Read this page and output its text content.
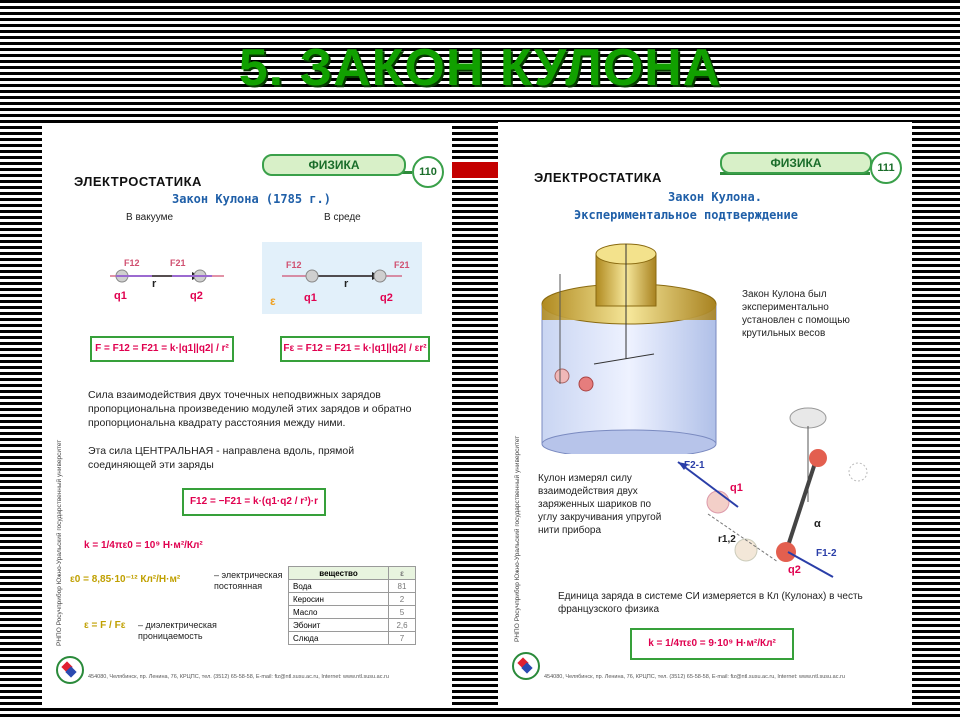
5. ЗАКОН КУЛОНА
ФИЗИКА	110
ЭЛЕКТРОСТАТИКА
Закон Кулона (1785 г.)
В вакууме	В среде
F12	F21
r
q1	q2
F12	F21
r
q1	q2
ε
F = F12 = F21 = k·|q1||q2| / r²	Fε = F12 = F21 = k·|q1||q2| / εr²
Сила взаимодействия двух точечных неподвижных зарядов пропорциональна произведению модулей этих зарядов и обратно пропорциональна квадрату расстояния между ними.
Эта сила ЦЕНТРАЛЬНАЯ - направлена вдоль, прямой соединяющей эти заряды
F12 = −F21 = k·(q1·q2 / r³)·r
k = 1/4πε0 = 10⁹ Н·м²/Кл²
ε0 = 8,85·10⁻¹² Кл²/Н·м²	– электрическая постоянная
ε = F / Fε – диэлектрическая проницаемость
вещество	ε
Вода	81
Керосин	2
Масло	5
Эбонит	2,6
Слюда	7
РНПО Росучприбор Южно-Уральский государственный университет
454080, Челябинск, пр. Ленина, 76, КРЦПС, тел. (3512) 65-58-58, E-mail: fiz@ntl.susu.ac.ru, Internet: www.ntl.susu.ac.ru
ФИЗИКА	111
ЭЛЕКТРОСТАТИКА
Закон Кулона.
Экспериментальное подтверждение
Закон Кулона был экспериментально установлен с помощью крутильных весов
F2-1
q1
α
r1,2
F1-2
q2
Кулон измерял силу взаимодействия двух заряженных шариков по углу закручивания упругой нити прибора
Единица заряда в системе СИ измеряется в Кл (Кулонах) в честь французского физика
k = 1/4πε0 = 9·10⁹ Н·м²/Кл²
РНПО Росучприбор Южно-Уральский государственный университет
454080, Челябинск, пр. Ленина, 76, КРЦПС, тел. (3512) 65-58-58, E-mail: fiz@ntl.susu.ac.ru, Internet: www.ntl.susu.ac.ru
